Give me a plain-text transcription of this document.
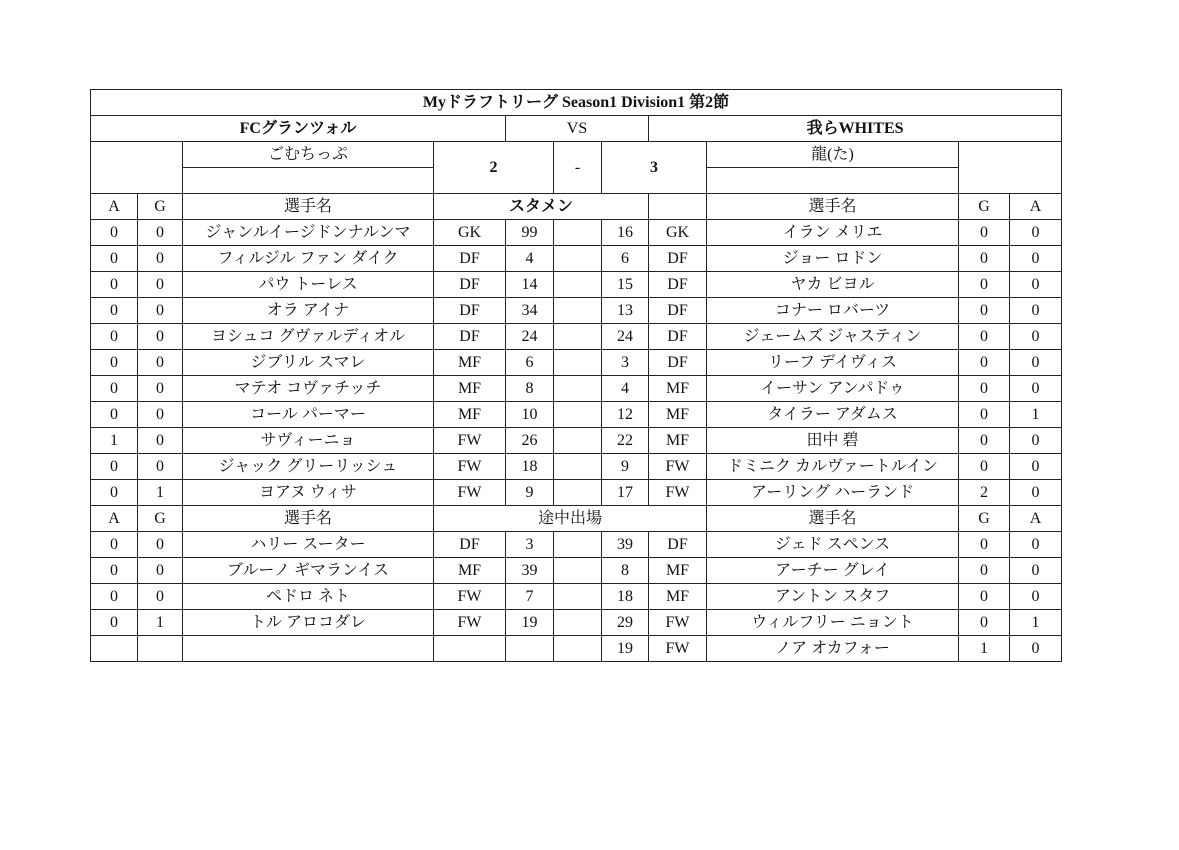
Myドラフトリーグ Season1 Division1 第2節										
FCグランツォル				VS			我らWHITES			
		ごむちっぷ	2		-	3		龍(た)		

A	G	選手名	スタメン					選手名	G	A
0	0	ジャンルイージドンナルンマ	GK	99		16	GK	イラン メリエ	0	0
0	0	フィルジル ファン ダイク	DF	4		6	DF	ジョー ロドン	0	0
0	0	パウ トーレス	DF	14		15	DF	ヤカ ビヨル	0	0
0	0	オラ アイナ	DF	34		13	DF	コナー ロバーツ	0	0
0	0	ヨシュコ グヴァルディオル	DF	24		24	DF	ジェームズ ジャスティン	0	0
0	0	ジブリル スマレ	MF	6		3	DF	リーフ デイヴィス	0	0
0	0	マテオ コヴァチッチ	MF	8		4	MF	イーサン アンパドゥ	0	0
0	0	コール パーマー	MF	10		12	MF	タイラー アダムス	0	1
1	0	サヴィーニョ	FW	26		22	MF	田中 碧	0	0
0	0	ジャック グリーリッシュ	FW	18		9	FW	ドミニク カルヴァートルイン	0	0
0	1	ヨアヌ ウィサ	FW	9		17	FW	アーリング ハーランド	2	0
A	G	選手名	途中出場					選手名	G	A
0	0	ハリー スーター	DF	3		39	DF	ジェド スペンス	0	0
0	0	ブルーノ ギマランイス	MF	39		8	MF	アーチー グレイ	0	0
0	0	ペドロ ネト	FW	7		18	MF	アントン スタフ	0	0
0	1	トル アロコダレ	FW	19		29	FW	ウィルフリー ニョント	0	1
						19	FW	ノア オカフォー	1	0
